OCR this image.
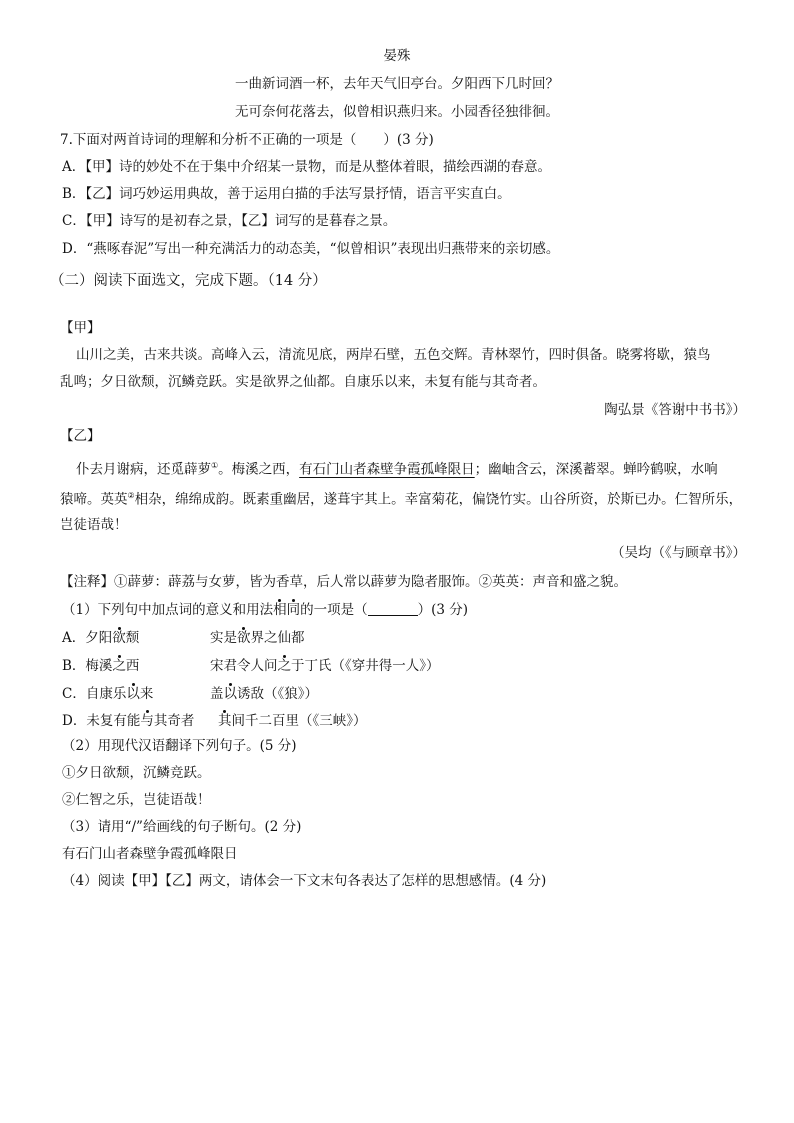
晏殊
一曲新词酒一杯，去年天气旧亭台。夕阳西下几时回？
无可奈何花落去，似曾相识燕归来。小园香径独徘徊。
7.下面对两首诗词的理解和分析不正确的一项是（　　）(3 分)
A．【甲】诗的妙处不在于集中介绍某一景物，而是从整体着眼，描绘西湖的春意。
B．【乙】词巧妙运用典故，善于运用白描的手法写景抒情，语言平实直白。
C．【甲】诗写的是初春之景，【乙】词写的是暮春之景。
D．“燕啄春泥”写出一种充满活力的动态美，“似曾相识”表现出归燕带来的亲切感。
（二）阅读下面选文，完成下题。（14 分）
【甲】
山川之美，古来共谈。高峰入云，清流见底，两岸石壁，五色交辉。青林翠竹，四时俱备。晓雾将歇，猿鸟
乱鸣；夕日欲颓，沉鳞竞跃。实是欲界之仙都。自康乐以来，未复有能与其奇者。
陶弘景《答谢中书书》）
【乙】
仆去月谢病，还觅薜萝①。梅溪之西，有石门山者森壁争霞孤峰限日；幽岫含云，深溪蓄翠。蝉吟鹤唳，水响
猿啼。英英②相杂，绵绵成韵。既素重幽居，遂葺宇其上。幸富菊花，偏饶竹实。山谷所资，於斯已办。仁智所乐，
岂徒语哉！
（吴均（《与顾章书》）
【注释】①薜萝：薜荔与女萝，皆为香草，后人常以薜萝为隐者服饰。②英英：声音和盛之貌。
（1）下列句中加点词的意义和用法相同的一项是（	）(3 分)
A．夕阳欲颓	实是欲界之仙都
B．梅溪之西	宋君令人问之于丁氏（《穿井得一人》）
C．自康乐以来	盖以诱敌（《狼》）
D．未复有能与其奇者 其间千二百里（《三峡》）
（2）用现代汉语翻译下列句子。(5 分)
①夕日欲颓，沉鳞竞跃。
②仁智之乐，岂徒语哉！
（3）请用“/”给画线的句子断句。(2 分)
有石门山者森壁争霞孤峰限日
（4）阅读【甲】【乙】两文，请体会一下文末句各表达了怎样的思想感情。(4 分)
